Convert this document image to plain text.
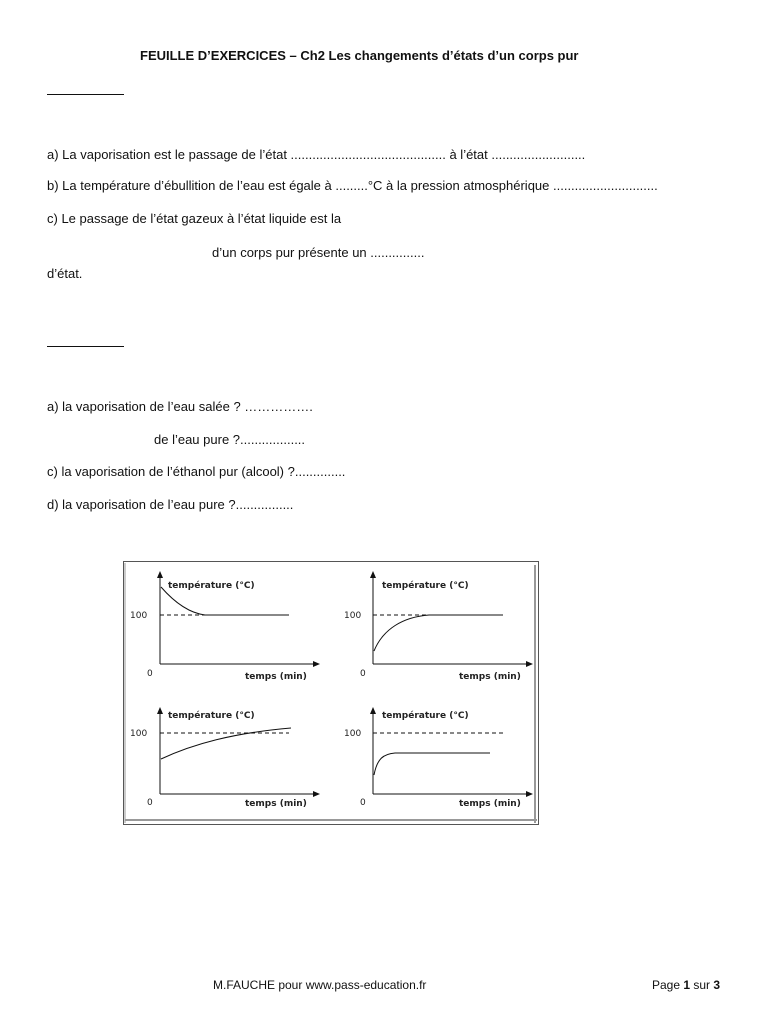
FEUILLE D’EXERCICES – Ch2 Les changements d’états d’un corps pur
a) La vaporisation est le passage de l’état ........................................... à l’état ..........................
b) La température d’ébullition de l’eau est égale à .........°C à la pression atmosphérique .............................
c) Le passage de l’état gazeux à l’état liquide est la
d’un corps pur présente un ...............
d’état.
a) la vaporisation de l’eau salée ? …………….
de l’eau pure ?..................
c) la vaporisation de l’éthanol pur (alcool) ?..............
d) la vaporisation de l’eau pure ?................
température (°C)
temps (min)
100
0
température (°C)
temps (min)
100
0
température (°C)
temps (min)
100
0
température (°C)
temps (min)
100
0
M.FAUCHE pour www.pass-education.fr	Page 1 sur 3
